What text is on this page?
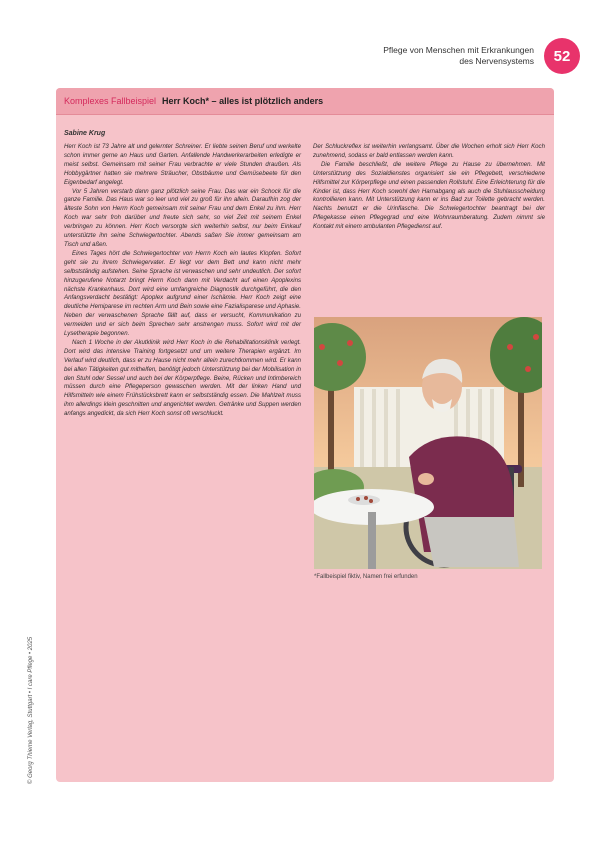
Pflege von Menschen mit Erkrankungen
des Nervensystems	52
Komplexes Fallbeispiel Herr Koch* – alles ist plötzlich anders
Sabine Krug

Herr Koch ist 73 Jahre alt und gelernter Schreiner. Er liebte seinen Beruf und werkelte schon immer gerne an Haus und Garten. Anfallende Handwerkerarbeiten erledigte er meist selbst. Gemeinsam mit seiner Frau verbrachte er viele Stunden draußen. Als Hobbygärtner hatten sie mehrere Sträucher, Obstbäume und Gemüsebeete für den Eigenbedarf angelegt.

Vor 5 Jahren verstarb dann ganz plötzlich seine Frau. Das war ein Schock für die ganze Familie. Das Haus war so leer und viel zu groß für ihn allein. Daraufhin zog der älteste Sohn von Herrn Koch gemeinsam mit seiner Frau und dem Enkel zu ihm. Herr Koch war sehr froh darüber und freute sich sehr, so viel Zeit mit seinem Enkel verbringen zu können. Herr Koch versorgte sich weiterhin selbst, nur beim Einkauf unterstützte ihn seine Schwiegertochter. Abends saßen Sie immer gemeinsam am Tisch und aßen.

Eines Tages hört die Schwiegertochter von Herrn Koch ein lautes Klopfen. Sofort geht sie zu ihrem Schwiegervater. Er liegt vor dem Bett und kann nicht mehr selbstständig aufstehen. Seine Sprache ist verwaschen und sehr undeutlich. Der sofort hinzugerufene Notarzt bringt Herrn Koch dann mit Verdacht auf einen Apoplexins nächste Krankenhaus. Dort wird eine umfangreiche Diagnostik durchgeführt, die den Anfangsverdacht bestätigt: Apoplex aufgrund einer Ischämie. Herr Koch zeigt eine deutliche Hemiparese im rechten Arm und Bein sowie eine Fazialisparese und Aphasie. Neben der verwaschenen Sprache fällt auf, dass er versucht, Kommunikation zu vermeiden und er sich beim Sprechen sehr anstrengen muss. Sofort wird mit der Lysetherapie begonnen.

Nach 1 Woche in der Akutklinik wird Herr Koch in die Rehabilitationsklinik verlegt. Dort wird das intensive Training fortgesetzt und um weitere Therapien ergänzt. Im Verlauf wird deutlich, dass er zu Hause nicht mehr allein zurechtkommen wird. Er kann bei allen Tätigkeiten gut mithelfen, benötigt jedoch Unterstützung bei der Mobilisation in den Stuhl oder Sessel und auch bei der Körperpflege. Beine, Rücken und Intimbereich müssen durch eine Pflegeperson gewaschen werden. Mit der linken Hand und Hilfsmitteln wie einem Frühstücksbrett kann er selbstständig essen. Die Mahlzeit muss ihm allerdings klein geschnitten und angerichtet werden. Getränke und Suppen werden anfangs angedickt, da sich Herr Koch sonst oft verschluckt.

Der Schluckreflex ist weiterhin verlangsamt. Über die Wochen erholt sich Herr Koch zunehmend, sodass er bald entlassen werden kann.

Die Familie beschließt, die weitere Pflege zu Hause zu übernehmen. Mit Unterstützung des Sozialdienstes organisiert sie ein Pflegebett, verschiedene Hilfsmittel zur Körperpflege und einen passenden Rollstuhl. Eine Erleichterung für die Kinder ist, dass Herr Koch sowohl den Harnabgang als auch die Stuhlausscheidung kontrollieren kann. Mit Unterstützung kann er ins Bad zur Toilette gebracht werden. Nachts benutzt er die Urinflasche. Die Schwiegertochter beantragt bei der Pflegekasse einen Pflegegrad und eine Wohnraumberatung. Zudem nimmt sie Kontakt mit einem ambulanten Pflegedienst auf.

*Fallbeispiel fiktiv, Namen frei erfunden
© Georg Thieme Verlag, Stuttgart • I care Pflege • 2025
